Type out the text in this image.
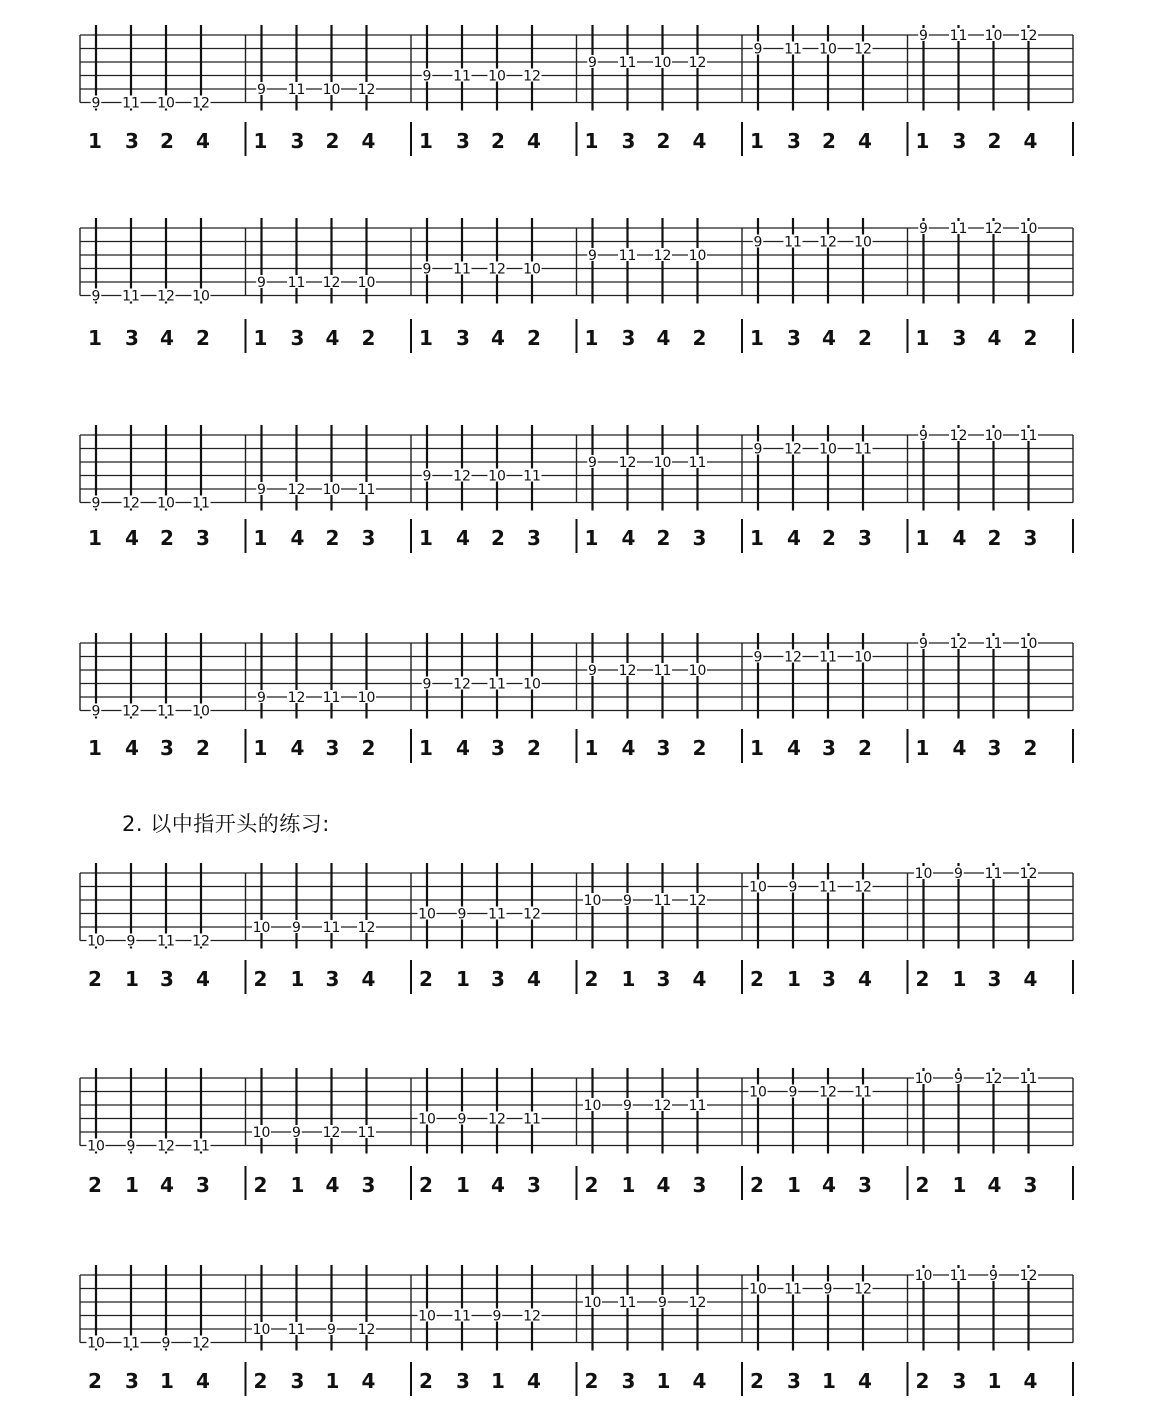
9 11 10 12
1 3 2 4
9 11 10 12
1 3 2 4
9 11 10 12
1 3 2 4
9 11 10 12
1 3 2 4
9 11 10 12
1 3 2 4
9 11 10 12
1 3 2 4
9 11 12 10
1 3 4 2
9 11 12 10
1 3 4 2
9 11 12 10
1 3 4 2
9 11 12 10
1 3 4 2
9 11 12 10
1 3 4 2
9 11 12 10
1 3 4 2
9 12 10 11
1 4 2 3
9 12 10 11
1 4 2 3
9 12 10 11
1 4 2 3
9 12 10 11
1 4 2 3
9 12 10 11
1 4 2 3
9 12 10 11
1 4 2 3
9 12 11 10
1 4 3 2
9 12 11 10
1 4 3 2
9 12 11 10
1 4 3 2
9 12 11 10
1 4 3 2
9 12 11 10
1 4 3 2
9 12 11 10
1 4 3 2
10 9 11 12
2 1 3 4
10 9 11 12
2 1 3 4
10 9 11 12
2 1 3 4
10 9 11 12
2 1 3 4
10 9 11 12
2 1 3 4
10 9 11 12
2 1 3 4
10 9 12 11
2 1 4 3
10 9 12 11
2 1 4 3
10 9 12 11
2 1 4 3
10 9 12 11
2 1 4 3
10 9 12 11
2 1 4 3
10 9 12 11
2 1 4 3
10 11 9 12
2 3 1 4
10 11 9 12
2 3 1 4
10 11 9 12
2 3 1 4
10 11 9 12
2 3 1 4
10 11 9 12
2 3 1 4
10 11 9 12
2 3 1 4
2. 以中指开头的练习:
